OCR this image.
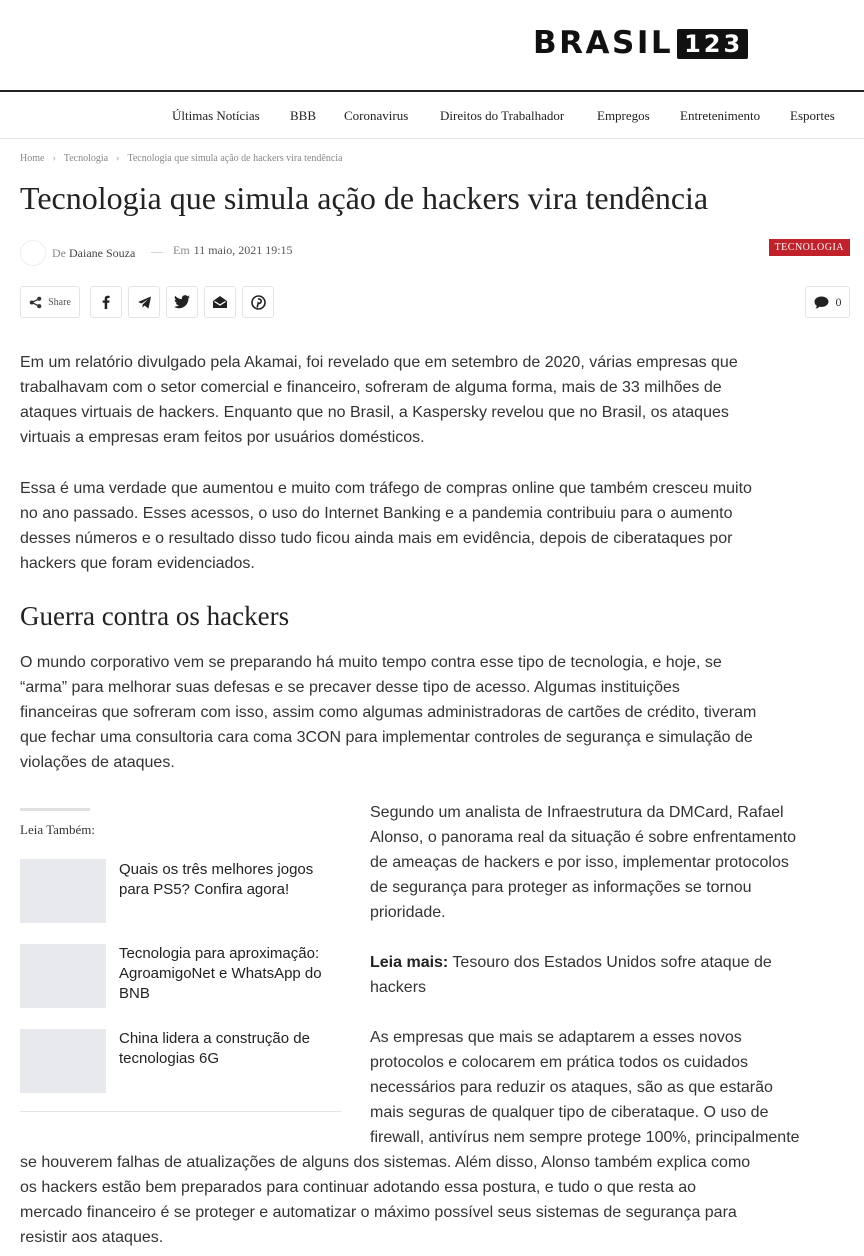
BRASIL 123
Últimas Notícias BBB Coronavirus Direitos do Trabalhador	Empregos Entretenimento Esportes
Home › Tecnologia › Tecnologia que simula ação de hackers vira tendência
Tecnologia que simula ação de hackers vira tendência
De Daiane Souza — Em 11 maio, 2021 19:15	TECNOLOGIA
Share	0
Em um relatório divulgado pela Akamai, foi revelado que em setembro de 2020, várias empresas que
trabalhavam com o setor comercial e financeiro, sofreram de alguma forma, mais de 33 milhões de
ataques virtuais de hackers. Enquanto que no Brasil, a Kaspersky revelou que no Brasil, os ataques
virtuais a empresas eram feitos por usuários domésticos.
Essa é uma verdade que aumentou e muito com tráfego de compras online que também cresceu muito
no ano passado. Esses acessos, o uso do Internet Banking e a pandemia contribuiu para o aumento
desses números e o resultado disso tudo ficou ainda mais em evidência, depois de ciberataques por
hackers que foram evidenciados.
Guerra contra os hackers
O mundo corporativo vem se preparando há muito tempo contra esse tipo de tecnologia, e hoje, se
“arma” para melhorar suas defesas e se precaver desse tipo de acesso. Algumas instituições
financeiras que sofreram com isso, assim como algumas administradoras de cartões de crédito, tiveram
que fechar uma consultoria cara coma 3CON para implementar controles de segurança e simulação de
violações de ataques.
Leia Também:
Quais os três melhores jogos
para PS5? Confira agora!
Tecnologia para aproximação:
AgroamigoNet e WhatsApp do
BNB
China lidera a construção de
tecnologias 6G
Segundo um analista de Infraestrutura da DMCard, Rafael
Alonso, o panorama real da situação é sobre enfrentamento
de ameaças de hackers e por isso, implementar protocolos
de segurança para proteger as informações se tornou
prioridade.
Leia mais: Tesouro dos Estados Unidos sofre ataque de
hackers
As empresas que mais se adaptarem a esses novos
protocolos e colocarem em prática todos os cuidados
necessários para reduzir os ataques, são as que estarão
mais seguras de qualquer tipo de ciberataque. O uso de
firewall, antivírus nem sempre protege 100%, principalmente
se houverem falhas de atualizações de alguns dos sistemas. Além disso, Alonso também explica como
os hackers estão bem preparados para continuar adotando essa postura, e tudo o que resta ao
mercado financeiro é se proteger e automatizar o máximo possível seus sistemas de segurança para
resistir aos ataques.
